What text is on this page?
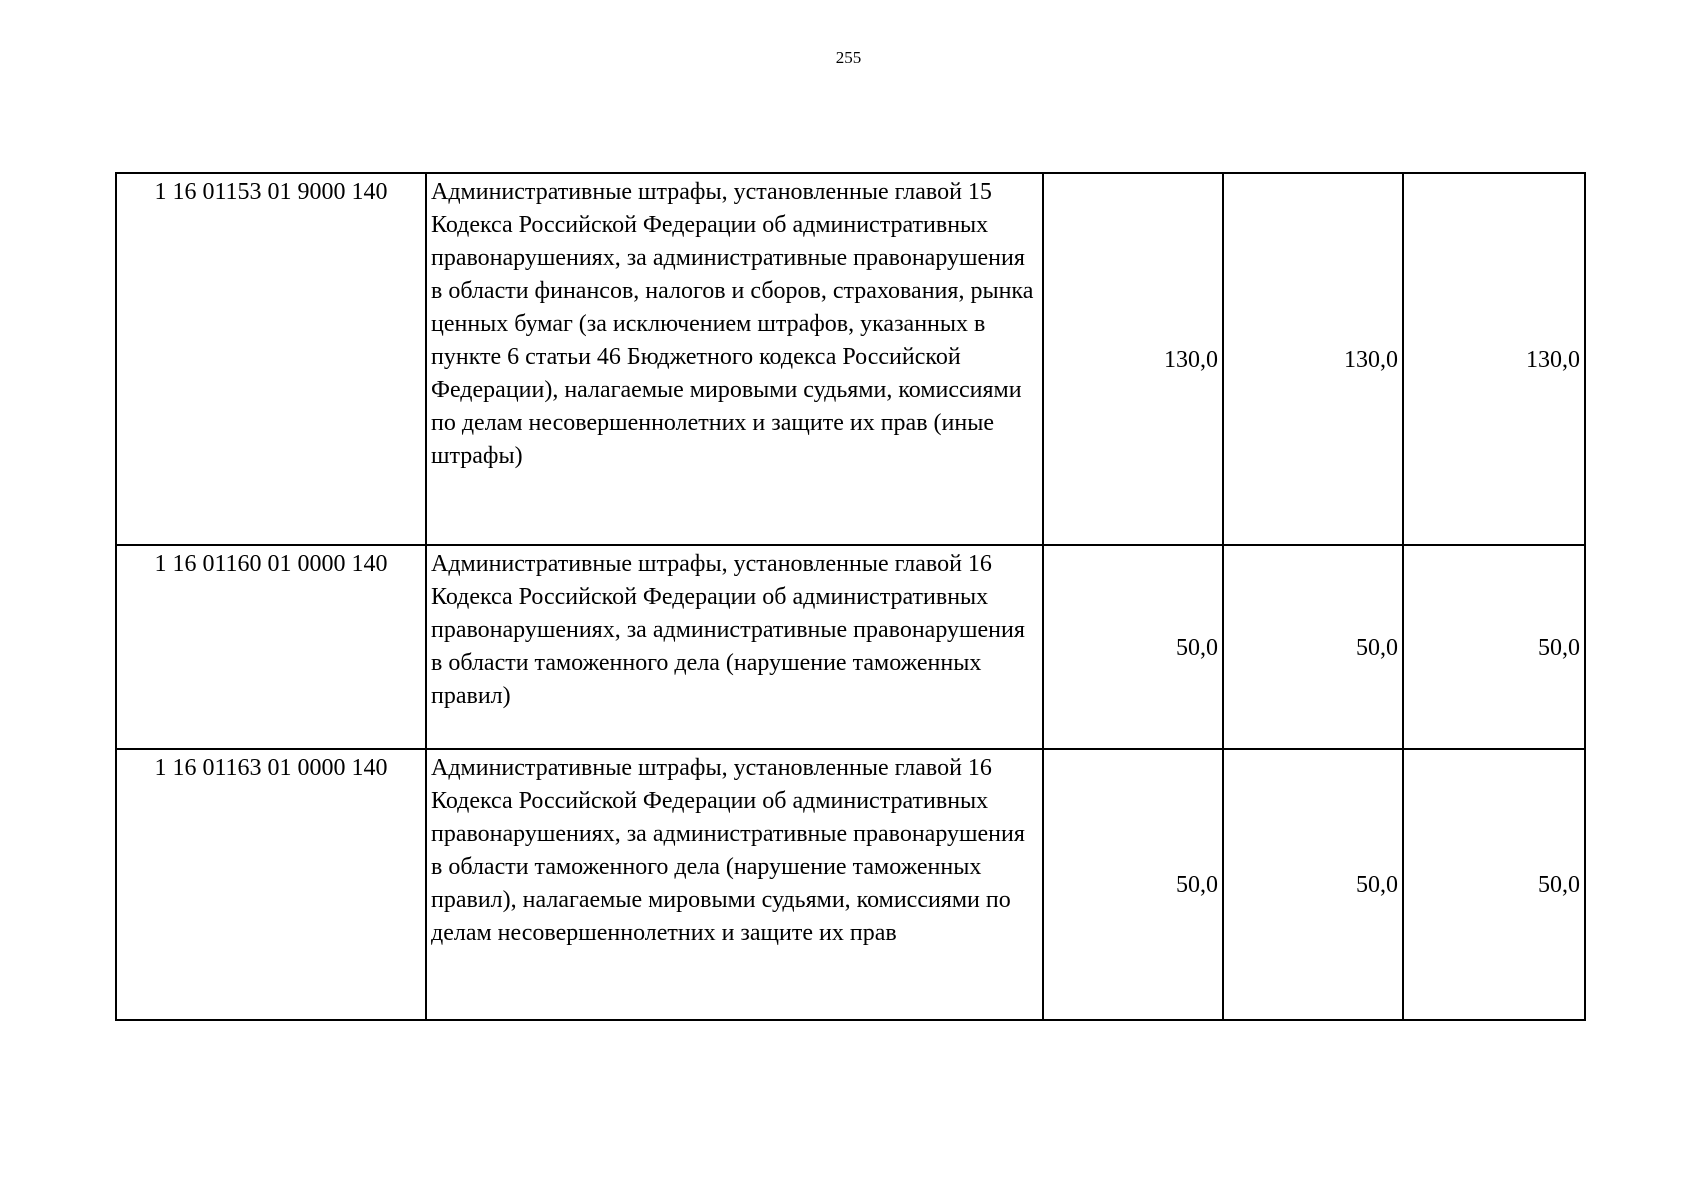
255
1 16 01153 01 9000 140	Административные штрафы, установленные главой 15 Кодекса Российской Федерации об административных правонарушениях, за административные правонарушения в области финансов, налогов и сборов, страхования, рынка ценных бумаг (за исключением штрафов, указанных в пункте 6 статьи 46 Бюджетного кодекса Российской Федерации), налагаемые мировыми судьями, комиссиями по делам несовершеннолетних и защите их прав (иные штрафы)	130,0	130,0	130,0
1 16 01160 01 0000 140	Административные штрафы, установленные главой 16 Кодекса Российской Федерации об административных правонарушениях, за административные правонарушения в области таможенного дела (нарушение таможенных правил)	50,0	50,0	50,0
1 16 01163 01 0000 140	Административные штрафы, установленные главой 16 Кодекса Российской Федерации об административных правонарушениях, за административные правонарушения в области таможенного дела (нарушение таможенных правил), налагаемые мировыми судьями, комиссиями по делам несовершеннолетних и защите их прав	50,0	50,0	50,0
